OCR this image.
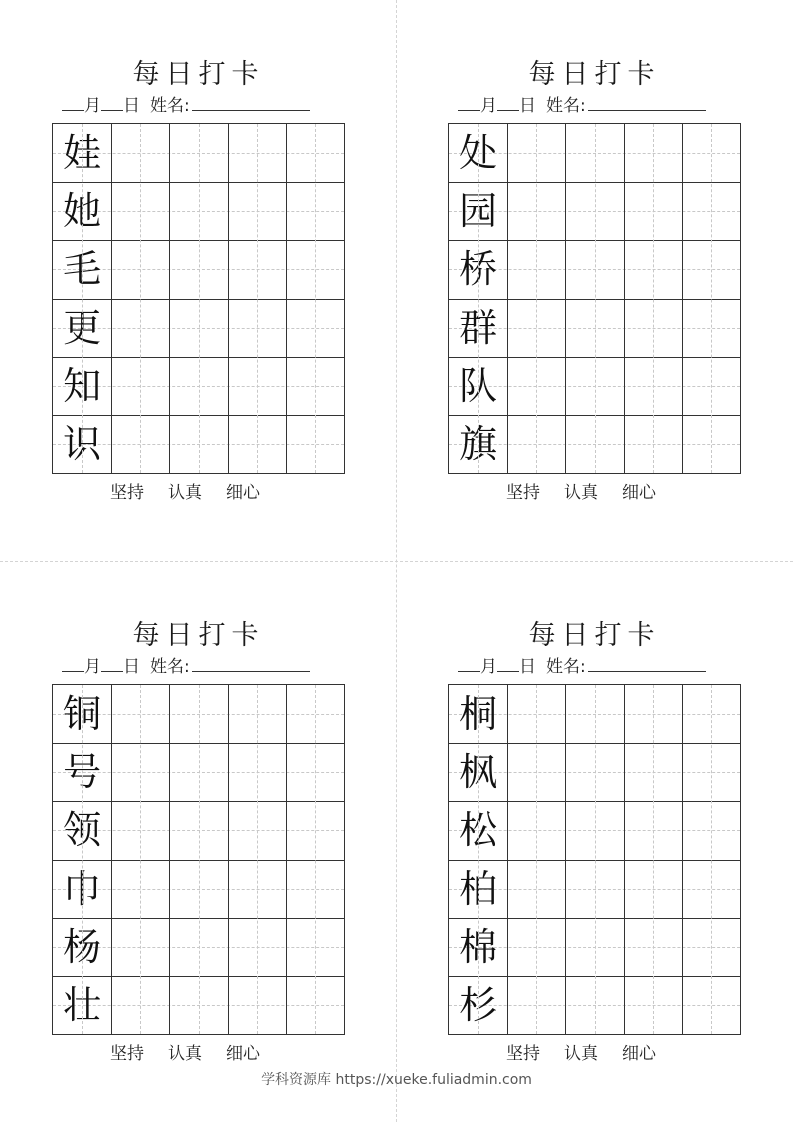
每日打卡
月 日 姓名:
娃
她
毛
更
知
识
坚持 认真 细心
每日打卡
月 日 姓名:
处
园
桥
群
队
旗
坚持 认真 细心
每日打卡
月 日 姓名:
铜
号
领
巾
杨
壮
坚持 认真 细心
每日打卡
月 日 姓名:
桐
枫
松
柏
棉
杉
坚持 认真 细心
学科资源库 https://xueke.fuliadmin.com
